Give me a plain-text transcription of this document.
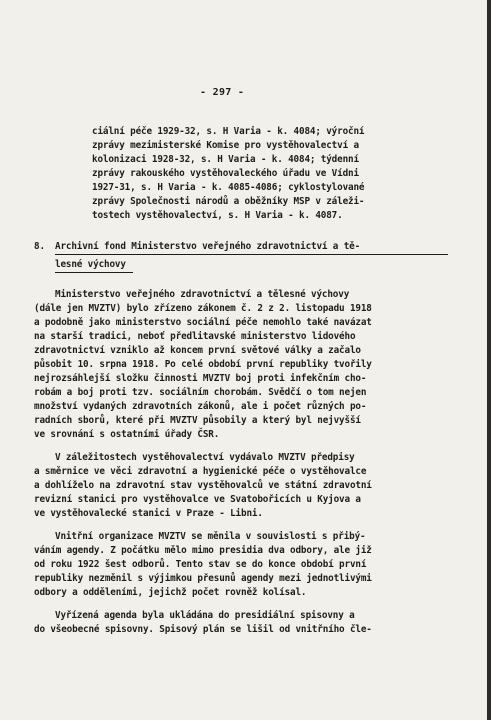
- 297 -
ciální péče 1929-32, s. H Varia - k. 4084; výroční
zprávy mezimisterské Komise pro vystěhovalectví a
kolonizaci 1928-32, s. H Varia - k. 4084; týdenní
zprávy rakouského vystěhovaleckého úřadu ve Vídni
1927-31, s. H Varia - k. 4085-4086; cyklostylované
zprávy Společnosti národů a oběžníky MSP v záleži-
tostech vystěhovalectví, s. H Varia - k. 4087.
8. Archivní fond Ministerstvo veřejného zdravotnictví a tě-
lesné výchovy
Ministerstvo veřejného zdravotnictví a tělesné výchovy
(dále jen MVZTV) bylo zřízeno zákonem č. 2 z 2. listopadu 1918
a podobně jako ministerstvo sociální péče nemohlo také navázat
na starší tradici, neboť předlitavské ministerstvo lidového
zdravotnictví vzniklo až koncem první světové války a začalo
působit 10. srpna 1918. Po celé období první republiky tvořily
nejrozsáhlejší složku činnosti MVZTV boj proti infekčním cho-
robám a boj proti tzv. sociálním chorobám. Svědčí o tom nejen
množství vydaných zdravotních zákonů, ale i počet různých po-
radních sborů, které při MVZTV působily a který byl nejvyšší
ve srovnání s ostatními úřady ČSR.
V záležitostech vystěhovalectví vydávalo MVZTV předpisy
a směrnice ve věci zdravotní a hygienické péče o vystěhovalce
a dohlíželo na zdravotní stav vystěhovalců ve státní zdravotní
revizní stanici pro vystěhovalce ve Svatobořicích u Kyjova a
ve vystěhovalecké stanici v Praze - Libni.
Vnitřní organizace MVZTV se měnila v souvislosti s přibý-
váním agendy. Z počátku mělo mimo presidia dva odbory, ale již
od roku 1922 šest odborů. Tento stav se do konce období první
republiky nezměnil s výjimkou přesunů agendy mezi jednotlivými
odbory a odděleními, jejichž počet rovněž kolísal.
Vyřízená agenda byla ukládána do presidiální spisovny a
do všeobecné spisovny. Spisový plán se lišil od vnitřního čle-
